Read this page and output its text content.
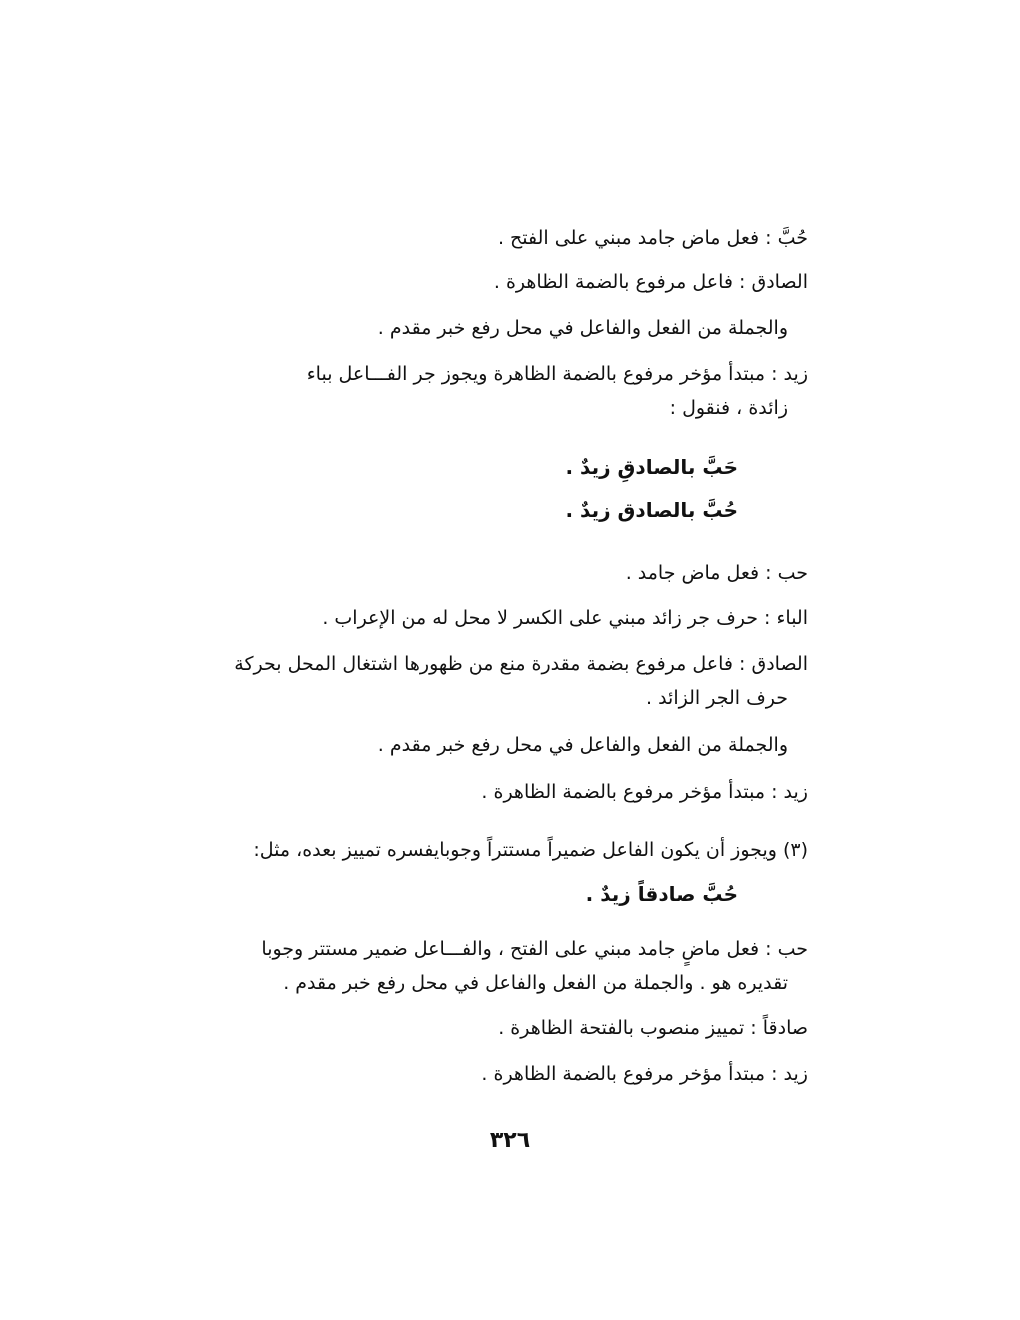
حُبَّ : فعل ماض جامد مبني على الفتح .
الصادق : فاعل مرفوع بالضمة الظاهرة .
والجملة من الفعل والفاعل في محل رفع خبر مقدم .
زيد : مبتدأ مؤخر مرفوع بالضمة الظاهرة ويجوز جر الفـــاعل بباء
زائدة ، فنقول :
حَبَّ بالصادقِ زيدٌ .
حُبَّ بالصادق زيدٌ .
حب : فعل ماض جامد .
الباء : حرف جر زائد مبني على الكسر لا محل له من الإعراب .
الصادق : فاعل مرفوع بضمة مقدرة منع من ظهورها اشتغال المحل بحركة
حرف الجر الزائد .
والجملة من الفعل والفاعل في محل رفع خبر مقدم .
زيد : مبتدأ مؤخر مرفوع بالضمة الظاهرة .
(٣) ويجوز أن يكون الفاعل ضميراً مستتراً وجوبايفسره تمييز بعده، مثل:
حُبَّ صادقاً زيدٌ .
حب : فعل ماضٍ جامد مبني على الفتح ، والفـــاعل ضمير مستتر وجوبا
تقديره هو . والجملة من الفعل والفاعل في محل رفع خبر مقدم .
صادقاً : تمييز منصوب بالفتحة الظاهرة .
زيد : مبتدأ مؤخر مرفوع بالضمة الظاهرة .
٣٢٦
